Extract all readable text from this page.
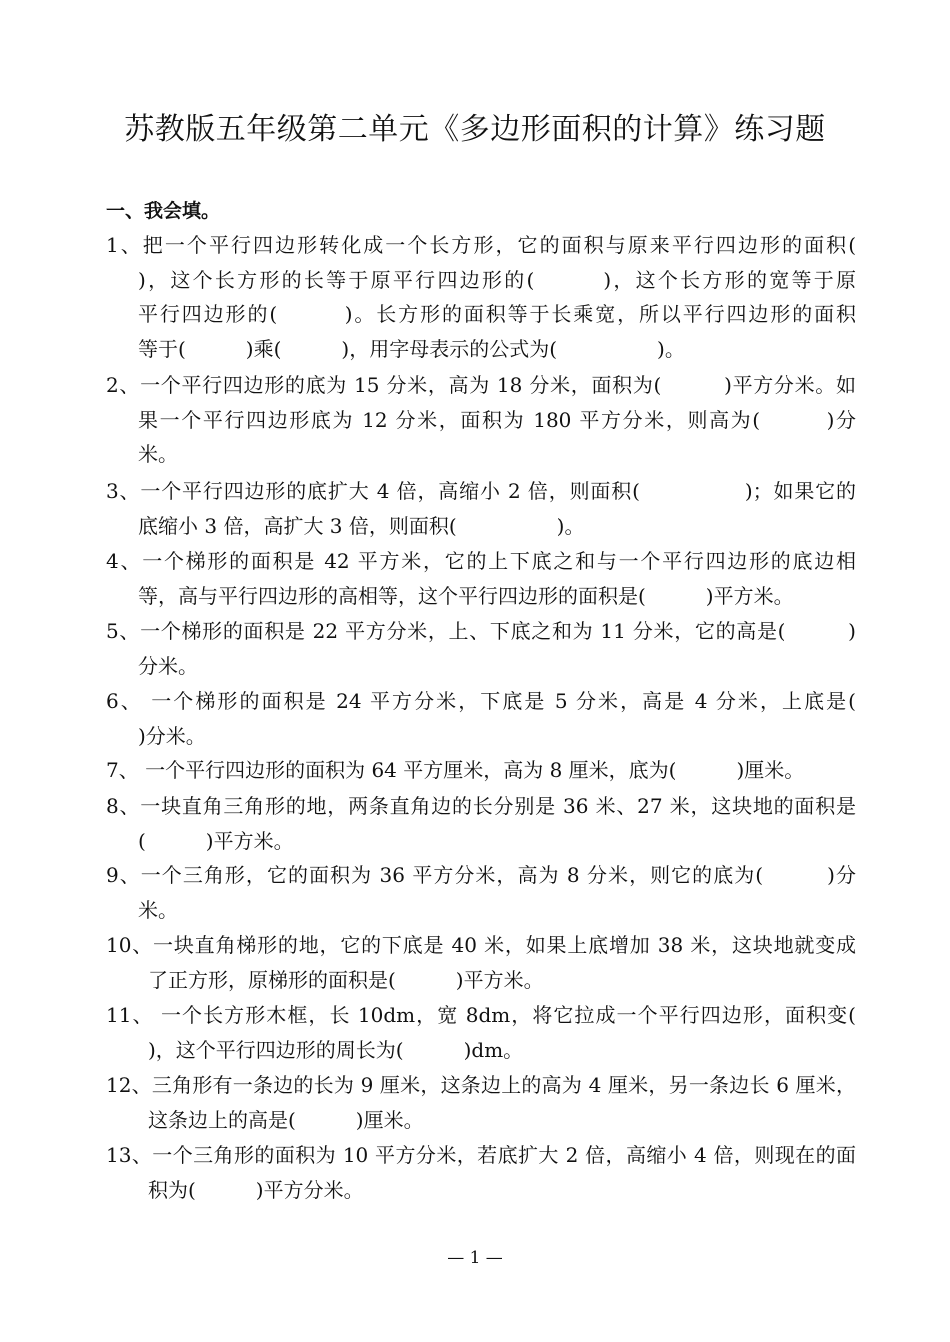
苏教版五年级第二单元《多边形面积的计算》练习题
一、我会填。
1、把一个平行四边形转化成一个长方形，它的面积与原来平行四边形的面积(
)，这个长方形的长等于原平行四边形的(　　　)，这个长方形的宽等于原
平行四边形的(　　　)。长方形的面积等于长乘宽，所以平行四边形的面积
等于(　　　)乘(　　　)，用字母表示的公式为(　　　　　)。
2、一个平行四边形的底为 15 分米，高为 18 分米，面积为(　　　)平方分米。如
果一个平行四边形底为 12 分米，面积为 180 平方分米，则高为(　　　)分
米。
3、一个平行四边形的底扩大 4 倍，高缩小 2 倍，则面积(　　　　　)；如果它的
底缩小 3 倍，高扩大 3 倍，则面积(　　　　　)。
4、一个梯形的面积是 42 平方米，它的上下底之和与一个平行四边形的底边相
等，高与平行四边形的高相等，这个平行四边形的面积是(　　　)平方米。
5、一个梯形的面积是 22 平方分米，上、下底之和为 11 分米，它的高是(　　　)
分米。
6、 一个梯形的面积是 24 平方分米，下底是 5 分米，高是 4 分米，上底是(
)分米。
7、 一个平行四边形的面积为 64 平方厘米，高为 8 厘米，底为(　　　)厘米。
8、一块直角三角形的地，两条直角边的长分别是 36 米、27 米，这块地的面积是
(　　　)平方米。
9、一个三角形，它的面积为 36 平方分米，高为 8 分米，则它的底为(　　　)分
米。
10、一块直角梯形的地，它的下底是 40 米，如果上底增加 38 米，这块地就变成
了正方形，原梯形的面积是(　　　)平方米。
11、 一个长方形木框，长 10dm，宽 8dm，将它拉成一个平行四边形，面积变(
)，这个平行四边形的周长为(　　　)dm。
12、三角形有一条边的长为 9 厘米，这条边上的高为 4 厘米，另一条边长 6 厘米，
这条边上的高是(　　　)厘米。
13、一个三角形的面积为 10 平方分米，若底扩大 2 倍，高缩小 4 倍，则现在的面
积为(　　　)平方分米。
— 1 —
